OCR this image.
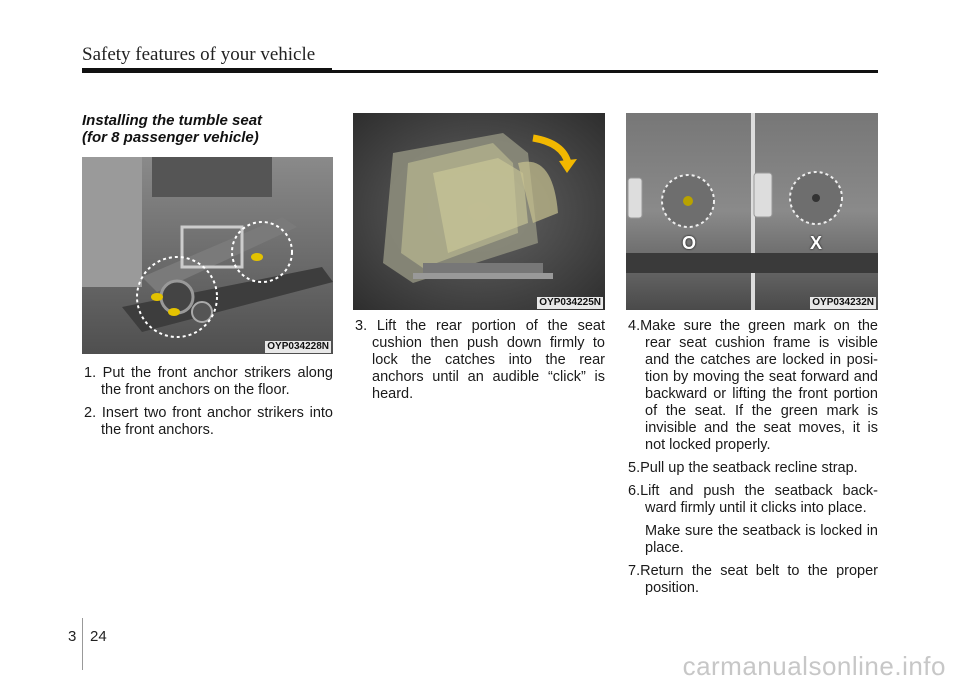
Safety features of your vehicle
Installing the tumble seat
(for 8 passenger vehicle)
OYP034228N
OYP034225N
O	X
OYP034232N
1. Put the front anchor strikers along the front anchors on the floor.
2. Insert two front anchor strikers into the front anchors.
3. Lift the rear portion of the seat cushion then push down firmly to lock the catches into the rear anchors until an audible “click” is heard.
4.Make sure the green mark on the rear seat cushion frame is visible and the catches are locked in posi- tion by moving the seat forward and backward or lifting the front portion of the seat. If the green mark is invisible and the seat moves, it is not locked properly.
5.Pull up the seatback recline strap.
6.Lift and push the seatback back- ward firmly until it clicks into place.
Make sure the seatback is locked in place.
7.Return the seat belt to the proper position.
3 24
carmanualsonline.info
